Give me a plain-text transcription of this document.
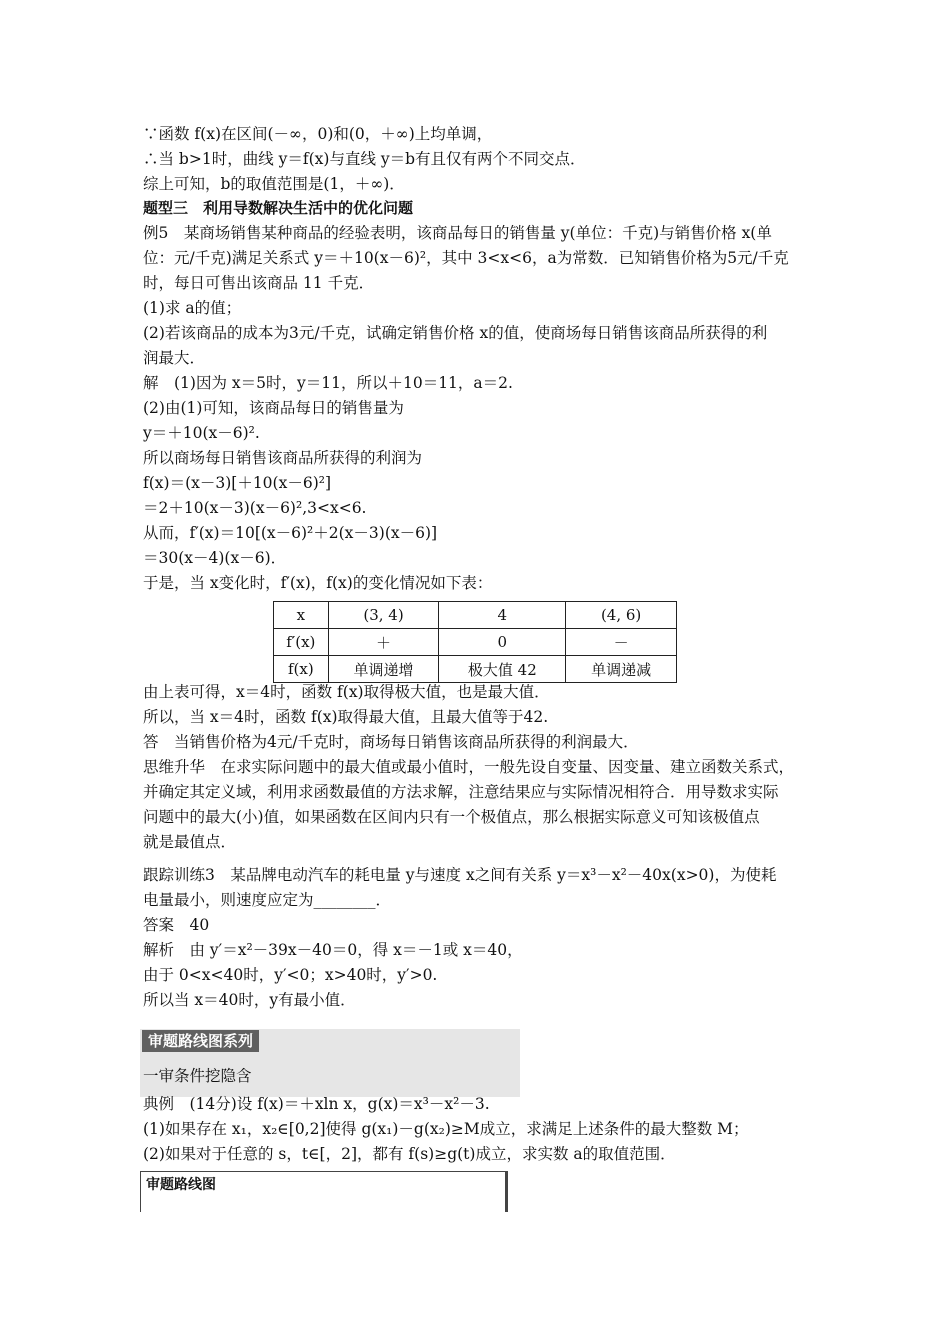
∵函数 f(x)在区间(－∞，0)和(0，＋∞)上均单调，
∴当 b>1时，曲线 y＝f(x)与直线 y＝b有且仅有两个不同交点．
综上可知，b的取值范围是(1，＋∞)．
题型三　利用导数解决生活中的优化问题
例5　某商场销售某种商品的经验表明，该商品每日的销售量 y(单位：千克)与销售价格 x(单
位：元/千克)满足关系式 y＝＋10(x－6)²，其中 3<x<6，a为常数．已知销售价格为5元/千克
时，每日可售出该商品 11 千克．
(1)求 a的值；
(2)若该商品的成本为3元/千克，试确定销售价格 x的值，使商场每日销售该商品所获得的利
润最大．
解　(1)因为 x＝5时，y＝11，所以＋10＝11，a＝2.
(2)由(1)可知，该商品每日的销售量为
y＝＋10(x－6)².
所以商场每日销售该商品所获得的利润为
f(x)＝(x－3)[＋10(x－6)²]
＝2＋10(x－3)(x－6)²,3<x<6.
从而，f′(x)＝10[(x－6)²＋2(x－3)(x－6)]
＝30(x－4)(x－6)．
于是，当 x变化时，f′(x)，f(x)的变化情况如下表：
x	(3, 4)	4	(4, 6)
f′(x)	＋	0	－
f(x)	单调递增	极大值 42	单调递减
由上表可得，x＝4时，函数 f(x)取得极大值，也是最大值．
所以，当 x＝4时，函数 f(x)取得最大值，且最大值等于42.
答　当销售价格为4元/千克时，商场每日销售该商品所获得的利润最大．
思维升华　在求实际问题中的最大值或最小值时，一般先设自变量、因变量、建立函数关系式，
并确定其定义域，利用求函数最值的方法求解，注意结果应与实际情况相符合．用导数求实际
问题中的最大(小)值，如果函数在区间内只有一个极值点，那么根据实际意义可知该极值点
就是最值点．
跟踪训练3　某品牌电动汽车的耗电量 y与速度 x之间有关系 y＝x³－x²－40x(x>0)，为使耗
电量最小，则速度应定为________．
答案　40
解析　由 y′＝x²－39x－40＝0，得 x＝－1或 x＝40，
由于 0<x<40时，y′<0；x>40时，y′>0.
所以当 x＝40时，y有最小值．
审题路线图系列
一审条件挖隐含
典例　(14分)设 f(x)＝＋xln x，g(x)＝x³－x²－3.
(1)如果存在 x₁，x₂∈[0,2]使得 g(x₁)－g(x₂)≥M成立，求满足上述条件的最大整数 M；
(2)如果对于任意的 s，t∈[，2]，都有 f(s)≥g(t)成立，求实数 a的取值范围．
审题路线图
